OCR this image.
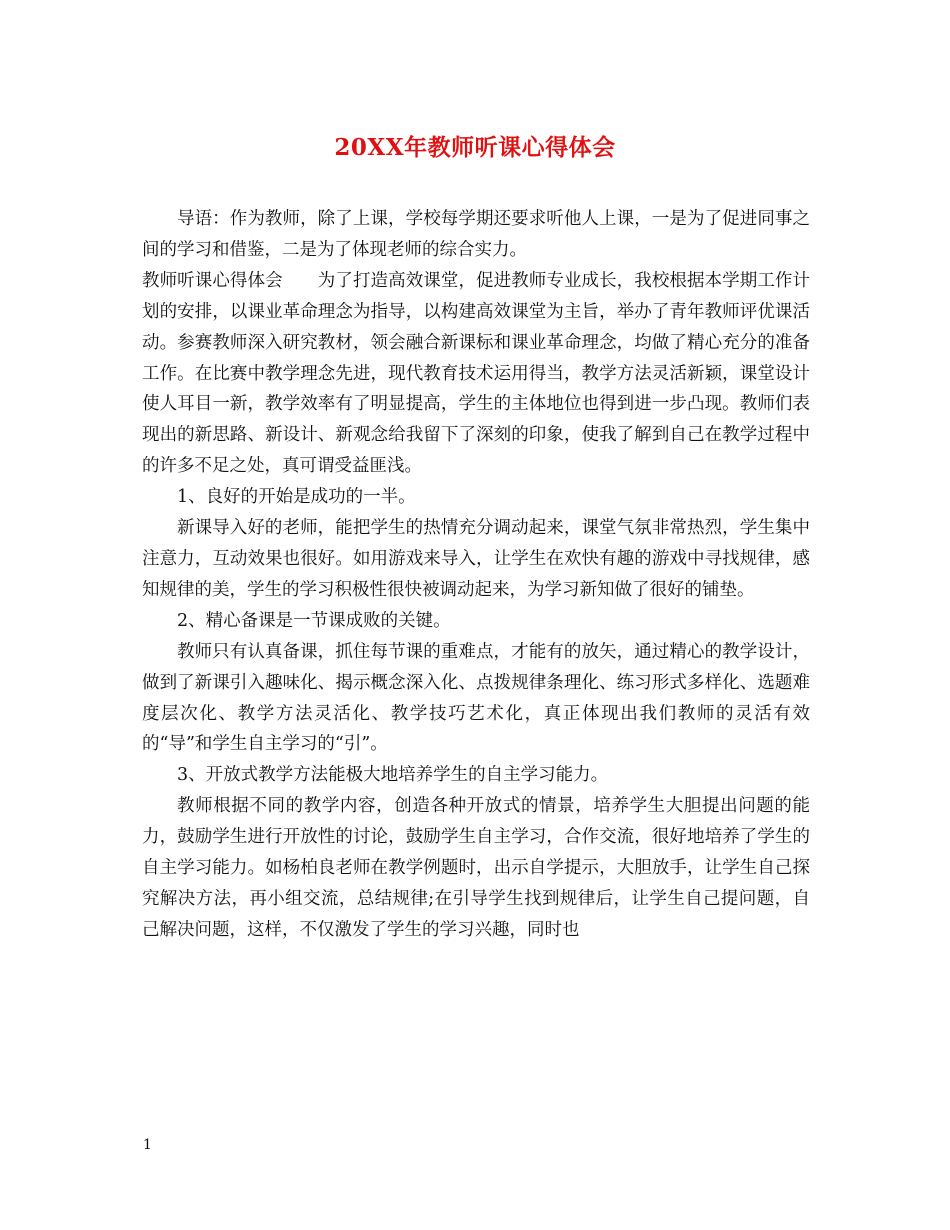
20XX年教师听课心得体会

导语：作为教师，除了上课，学校每学期还要求听他人上课，一是为了促进同事之间的学习和借鉴，二是为了体现老师的综合实力。

教师听课心得体会　　为了打造高效课堂，促进教师专业成长，我校根据本学期工作计划的安排，以课业革命理念为指导，以构建高效课堂为主旨，举办了青年教师评优课活动。参赛教师深入研究教材，领会融合新课标和课业革命理念，均做了精心充分的准备工作。在比赛中教学理念先进，现代教育技术运用得当，教学方法灵活新颖，课堂设计使人耳目一新，教学效率有了明显提高，学生的主体地位也得到进一步凸现。教师们表现出的新思路、新设计、新观念给我留下了深刻的印象，使我了解到自己在教学过程中的许多不足之处，真可谓受益匪浅。

1、良好的开始是成功的一半。

新课导入好的老师，能把学生的热情充分调动起来，课堂气氛非常热烈，学生集中注意力，互动效果也很好。如用游戏来导入，让学生在欢快有趣的游戏中寻找规律，感知规律的美，学生的学习积极性很快被调动起来，为学习新知做了很好的铺垫。

2、精心备课是一节课成败的关键。

教师只有认真备课，抓住每节课的重难点，才能有的放矢，通过精心的教学设计，做到了新课引入趣味化、揭示概念深入化、点拨规律条理化、练习形式多样化、选题难度层次化、教学方法灵活化、教学技巧艺术化，真正体现出我们教师的灵活有效的“导”和学生自主学习的“引”。

3、开放式教学方法能极大地培养学生的自主学习能力。

教师根据不同的教学内容，创造各种开放式的情景，培养学生大胆提出问题的能力，鼓励学生进行开放性的讨论，鼓励学生自主学习，合作交流，很好地培养了学生的自主学习能力。如杨柏良老师在教学例题时，出示自学提示，大胆放手，让学生自己探究解决方法，再小组交流，总结规律;在引导学生找到规律后，让学生自己提问题，自己解决问题，这样，不仅激发了学生的学习兴趣，同时也

1
